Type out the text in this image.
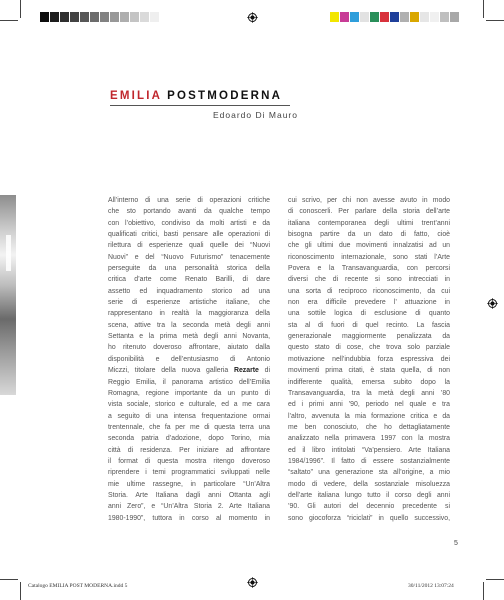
EMILIA POSTMODERNA
Edoardo Di Mauro
All’interno di una serie di operazioni critiche
che sto portando avanti da qualche tempo
con l’obiettivo, condiviso da molti artisti e da
qualificati critici, basti pensare alle operazioni di
rilettura di esperienze quali quelle dei “Nuovi
Nuovi” e del “Nuovo Futurismo” tenacemente
perseguite da una personalità storica della
critica d’arte come Renato Barilli, di dare
assetto ed inquadramento storico ad una
serie di esperienze artistiche italiane, che
rappresentano in realtà la maggioranza della
scena, attive tra la seconda metà degli anni
Settanta e la prima metà degli anni Novanta,
ho ritenuto doveroso affrontare, aiutato dalla
disponibilità e dell’entusiasmo di Antonio
Miczzi, titolare della nuova galleria Rezarte di
Reggio Emilia, il panorama artistico dell’Emilia
Romagna, regione importante da un punto di
vista sociale, storico e culturale, ed a me cara
a seguito di una intensa frequentazione ormai
trentennale, che fa per me di questa terra una
seconda patria d’adozione, dopo Torino, mia
città di residenza. Per iniziare ad affrontare
il format di questa mostra ritengo doveroso
riprendere i temi programmatici sviluppati nelle
mie ultime rassegne, in particolare “Un’Altra
Storia. Arte Italiana dagli anni Ottanta agli
anni Zero”, e “Un’Altra Storia 2. Arte Italiana
1980-1990”, tuttora in corso al momento in
cui scrivo, per chi non avesse avuto in modo
di conoscerli. Per parlare della storia dell’arte
italiana contemporanea degli ultimi trent’anni
bisogna partire da un dato di fatto, cioè
che gli ultimi due movimenti innalzatisi ad un
riconoscimento internazionale, sono stati l’Arte
Povera e la Transavanguardia, con percorsi
diversi che di recente si sono intrecciati in
una sorta di reciproco riconoscimento, da cui
non era difficile prevedere l’ attuazione in
una sottile logica di esclusione di quanto
sta al di fuori di quel recinto. La fascia
generazionale maggiormente penalizzata da
questo stato di cose, che trova solo parziale
motivazione nell’indubbia forza espressiva dei
movimenti prima citati, è stata quella, di non
indifferente qualità, emersa subito dopo la
Transavanguardia, tra la metà degli anni ’80
ed i primi anni ’90, periodo nel quale e tra
l’altro, avvenuta la mia formazione critica e da
me ben conosciuto, che ho dettagliatamente
analizzato nella primavera 1997 con la mostra
ed il libro intitolati “Va’pensiero. Arte Italiana
1984/1996”. Il fatto di essere sostanzialmente
“saltato” una generazione sta all’origine, a mio
modo di vedere, della sostanziale misoluezza
dell’arte italiana lungo tutto il corso degli anni
’90. Gli autori del decennio precedente si
sono giocoforza “riciclati” in quello successivo,
5
Catalogo EMILIA POST MODERNA.indd 5	30/11/2012 13:07:24
